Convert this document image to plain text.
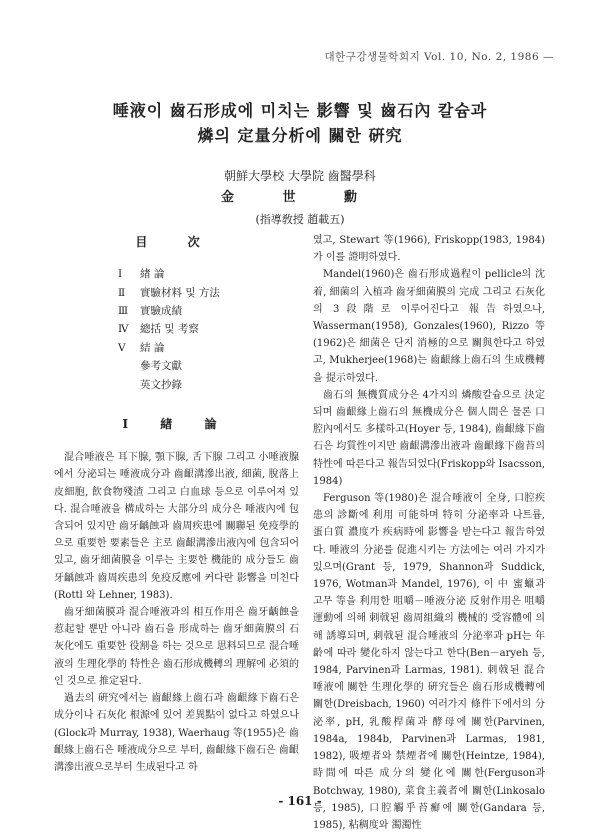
대한구강생물학회지 Vol. 10, No. 2, 1986 —
唾液이 齒石形成에 미치는 影響 및 齒石內 칼슘과
燐의 定量分析에 關한 硏究
朝鮮大學校 大學院 齒醫學科
金 世 勳
(指導敎授 趙載五)
目 次
Ⅰ	緖 論
Ⅱ	實驗材料 및 方法
Ⅲ	實驗成績
Ⅳ	總括 및 考察
Ⅴ	結 論
參考文獻
英文抄錄
Ⅰ 緖 論

混合唾液은 耳下腺, 顎下腺, 舌下腺 그리고 小唾液腺에서 分泌되는 唾液成分과 齒齦溝滲出液, 細菌, 脫落上皮細胞, 飮食物殘渣 그리고 白血球 등으로 이루어져 있다. 混合唾液을 構成하는 大部分의 成分은 唾液內에 包含되어 있지만 齒牙齲蝕과 齒周疾患에 關聯된 免疫學的으로 重要한 要素들은 主로 齒齦溝滲出液內에 包含되어 있고, 齒牙細菌膜을 이루는 主要한 機能的 成分들도 齒牙齲蝕과 齒周疾患의 免疫反應에 커다란 影響을 미친다(Rottl 와 Lehner, 1983).

齒牙細菌膜과 混合唾液과의 相互作用은 齒牙齲蝕을 惹起할 뿐만 아니라 齒石을 形成하는 齒牙細菌膜의 石灰化에도 重要한 役割을 하는 것으로 思料되므로 混合唾液의 生理化學的 特性은 齒石形成機轉의 理解에 必須的인 것으로 推定된다.

過去의 硏究에서는 齒齦緣上齒石과 齒齦緣下齒石은 成分이나 石灰化 根源에 있어 差異點이 없다고 하였으나(Glock과 Murray, 1938), Waerhaug 等(1955)은 齒齦緣上齒石은 唾液成分으로 부터, 齒齦緣下齒石은 齒齦溝滲出液으로부터 生成된다고 하

였고, Stewart 等(1966), Friskopp(1983, 1984)가 이를 證明하였다.

Mandel(1960)은 齒石形成過程이 pellicle의 沈着, 細菌의 入植과 齒牙細菌膜의 完成 그리고 石灰化의 3段階로 이루어진다고 報告하였으나, Wasserman(1958), Gonzales(1960), Rizzo 等(1962)은 細菌은 단지 消極的으로 關與한다고 하였고, Mukherjee(1968)는 齒齦緣上齒石의 生成機轉을 提示하였다.

齒石의 無機質成分은 4가지의 燐酸칼슘으로 決定되며 齒齦緣上齒石의 無機成分은 個人間은 물론 口腔內에서도 多樣하고(Hoyer 등, 1984), 齒齦緣下齒石은 均質性이지만 齒齦溝滲出液과 齒齦緣下齒苔의 特性에 따른다고 報告되었다(Friskopp와 Isacsson, 1984)

Ferguson 等(1980)은 混合唾液이 全身, 口腔疾患의 診斷에 利用 可能하며 特히 分泌率과 나트륨, 蛋白質 濃度가 疾病時에 影響을 받는다고 報告하였다. 唾液의 分泌를 促進시키는 方法에는 여러 가지가 있으며(Grant 등, 1979, Shannon과 Suddick, 1976, Wotman과 Mandel, 1976), 이 中 蜜蠟과 고무 等을 利用한 咀嚼－唾液分泌 反射作用은 咀嚼運動에 의해 刺戟된 齒周組織의 機械的 受容體에 의해 誘導되며, 刺戟된 混合唾液의 分泌率과 pH는 年齡에 따라 變化하지 않는다고 한다(Ben－aryeh 등, 1984, Parvinen과 Larmas, 1981). 刺戟된 混合唾液에 關한 生理化學的 硏究들은 齒石形成機轉에 關한(Dreisbach, 1960) 여러가지 條件下에서의 分泌率, pH, 乳酸桿菌과 酵母에 關한(Parvinen, 1984a, 1984b, Parvinen과 Larmas, 1981, 1982), 吸煙者와 禁煙者에 關한(Heintze, 1984), 時間에 따른 成分의 變化에 關한(Ferguson과 Botchway, 1980), 菜食主義者에 關한(Linkosalo 등, 1985), 口腔觸乎苔癬에 關한(Gandara 등, 1985), 粘稠度와 濁濁性

- 161 -
